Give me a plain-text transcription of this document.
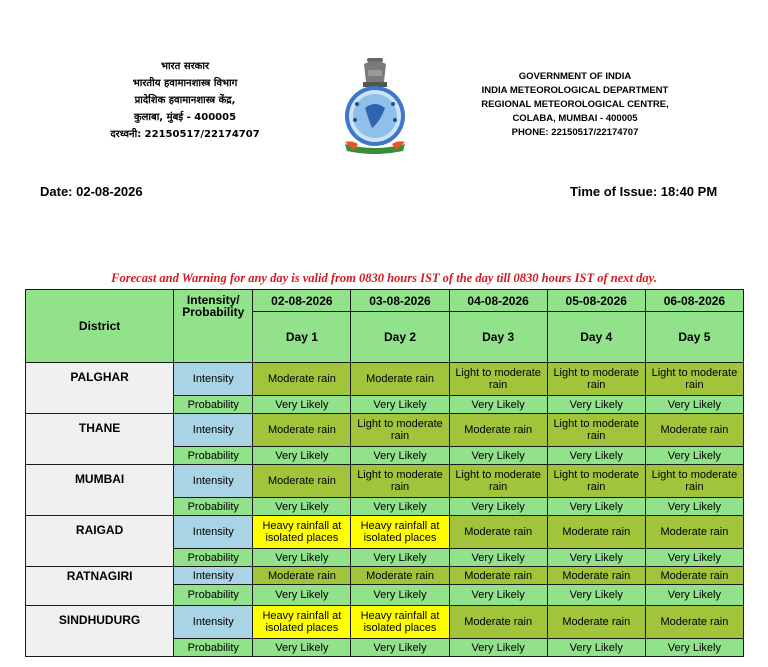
भारत सरकार
भारतीय हवामानशास्त्र विभाग
प्रादेशिक हवामानशास्त्र केंद्र,
कुलाबा, मुंबई - 400005
दरध्वनी: 22150517/22174707
GOVERNMENT OF INDIA
INDIA METEOROLOGICAL DEPARTMENT
REGIONAL METEOROLOGICAL CENTRE,
COLABA, MUMBAI - 400005
PHONE: 22150517/22174707
Date: 02-08-2026	Time of Issue: 18:40 PM
Forecast and Warning for any day is valid from 0830 hours IST of the day till 0830 hours IST of next day.
District	Intensity/ Probability	02-08-2026	03-08-2026	04-08-2026	05-08-2026	06-08-2026
		Day 1	Day 2	Day 3	Day 4	Day 5
PALGHAR	Intensity	Moderate rain	Moderate rain	Light to moderate rain	Light to moderate rain	Light to moderate rain
	Probability	Very Likely	Very Likely	Very Likely	Very Likely	Very Likely
THANE	Intensity	Moderate rain	Light to moderate rain	Moderate rain	Light to moderate rain	Moderate rain
	Probability	Very Likely	Very Likely	Very Likely	Very Likely	Very Likely
MUMBAI	Intensity	Moderate rain	Light to moderate rain	Light to moderate rain	Light to moderate rain	Light to moderate rain
	Probability	Very Likely	Very Likely	Very Likely	Very Likely	Very Likely
RAIGAD	Intensity	Heavy rainfall at isolated places	Heavy rainfall at isolated places	Moderate rain	Moderate rain	Moderate rain
	Probability	Very Likely	Very Likely	Very Likely	Very Likely	Very Likely
RATNAGIRI	Intensity	Moderate rain	Moderate rain	Moderate rain	Moderate rain	Moderate rain
	Probability	Very Likely	Very Likely	Very Likely	Very Likely	Very Likely
SINDHUDURG	Intensity	Heavy rainfall at isolated places	Heavy rainfall at isolated places	Moderate rain	Moderate rain	Moderate rain
	Probability	Very Likely	Very Likely	Very Likely	Very Likely	Very Likely
